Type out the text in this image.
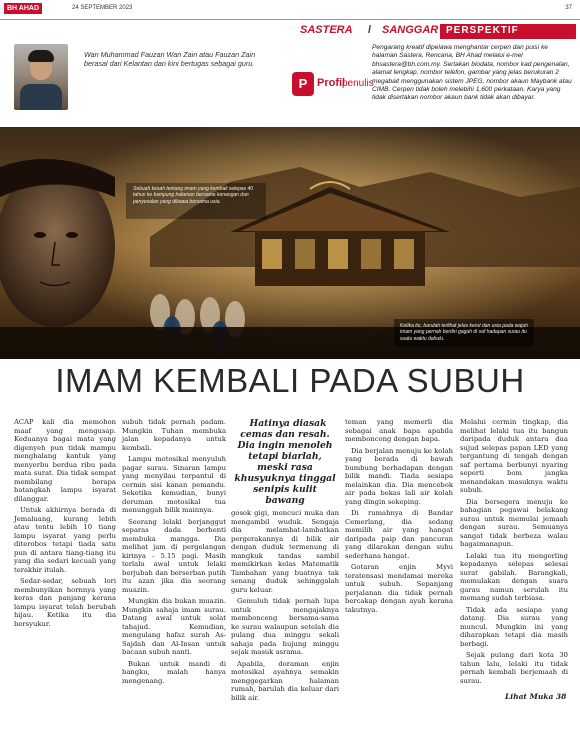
BH AHAD	24 SEPTEMBER 2023	37
SASTERA / SANGGAR PERSPEKTIF

Wan Muhammad Fauzan Wan Zain atau Fauzan Zain berasal dari Kelantan dan kini bertugas sebagai guru.

P Profil
penulis

Pengarang kreatif dipelawa menghantar cerpen dan puisi ke halaman Sastera, Rencana, BH Ahad melalui e-mel bhsastera@bh.com.my. Sertakan biodata, nombor kad pengenalan, alamat lengkap, nombor telefon, gambar yang jelas berukuran 2 megabait menggunakan sistem JPEG, nombor akaun Maybank atau CIMB. Cerpen tidak boleh melebihi 1,600 perkataan. Karya yang tidak disertakan nombor akaun bank tidak akan dibayar.

Sebuah kesah tentang imam yang kembali selepas 40 tahun ke kampung halaman bersama kenangan dan penyesalan yang dibawa bersama usia.

Ketika itu, barulah terlihat jelas kerut dan usia pada wajah imam yang pernah berdiri gagah di saf hadapan surau itu suatu waktu dahulu.

IMAM KEMBALI PADA SUBUH

ACAP kali dia memohon maaf yang mengusap. Keduanya bagai mata yang digenyeh pun tidak mampu menghalang kantuk yang menyerbu berdua ribu pada mata surat. Dia tidak sempat membilang berapa batangkah lampu isyarat dilanggar.

Untuk akhirnya berada di Jemaluang, kurang lebih atau tentu lebih 10 tiang lampu isyarat yang perlu diterobos tetapi tiada satu pun di antara tiang-tiang itu yang dia sedari kecuali yang terakhir itulah.

Sedar-sedar, sebuah lori membunyikan hornnya yang keras dan panjang kerana lampu isyarat telah berubah hijau. Ketika itu dia bersyukur.

subuh tidak pernah padam. Mungkin Tuhan membuka jalan kepadanya untuk kembali.

Lampu motosikal menyuluh pagar surau. Sinaran lampu yang menyilau terpantul di cermin sisi kanan pemandu. Seketika kemudian, bunyi deruman motosikal tua menunggah bilik mainnya.

Seorang lelaki berjanggut separas dada berhenti membuka mangga. Dia melihat jam di pergelangan kirinya - 5.15 pagi. Masih terlalu awal untuk lelaki berjubah dan berserban putih itu azan jika dia seorang muazin.

Mungkin dia bukan muazin. Mungkin sahaja imam surau. Datang awal untuk solat tahajud. Kemudian, mengulang hafaz surah As-Sajdah dan Al-Insan untuk bacaan subuh nanti.

Bukan untuk mandi di bangku, malah hanya mengenang.

Hatinya diasak cemas dan resah. Dia ingin menoleh tetapi biarlah, meski rasa khusyuknya tinggal senipis kulit bawang

gosok gigi, mencuci muka dan mengambil wuduk. Sengaja dia melambat-lambatkan pergerakannya di bilik air dengan duduk termenung di mangkuk tandas sambil memikirkan kelas Matematik Tambahan yang buatnya tak senang duduk sehinggalah guru keluar.

Gemuluh tidak pernah lupa untuk mengajaknya membonceng bersama-sama ke surau walaupun setelah dia pulang dua minggu sekali sahaja pada hujung minggu sejak masuk asrama.

Apabila, doraman enjin motosikal ayahnya semakin menggegarkan halaman rumah, barulah dia keluar dari bilik air.

teman yang memerli dia sebagai anak bapa apabila memboncong dengan bapa.

Dia berjalan menuju ke kolah yang berada di bawah bumbung berhadapan dengan bilik mandi. Tiada sesiapa melainkan dia. Dia mencebok air pada bekas lali air kolah yang dingin sekeping.

Di rumahnya di Bandar Cemerlang, dia sedang memilih air yang hangat daripada paip dan pancuran yang dilarakan dengan suhu sederhana hangat.

Gotaran enjin Myvi teratensasi mendamai mereka untuk subuh. Sepanjang perjalanan dia tidak pernah bercakap dengan ayah kerana takutnya.

Melalui cermin tingkap, dia melihat lelaki tua itu bangun daripada duduk antara dua sujud selepas papan LED yang tergantung di tengah dengan saf pertama berbunyi nyaring seperti bom jangka menandakan masuknya waktu subuh.

Dia bersegera menuju ke bahagian pegawai belakang surau untuk memulai jemaah dengan surau. Semuanya sangat tidak berbeza walau bagaimanapun.

Lelaki tua itu mengerling kepadanya selepas selesai surat gabilah. Barangkali, memulakan dengan suara garau namun serulah itu memang sudah terbiasa.

Tidak ada sesiapa yang datang. Dia surau yang muncul. Mungkin ini yang diharapkan tetapi dia masih berbagi.

Sejak pulang dari kota 30 tahun lalu, lelaki itu tidak pernah kembali berjemaah di surau.

Lihat Muka 38
